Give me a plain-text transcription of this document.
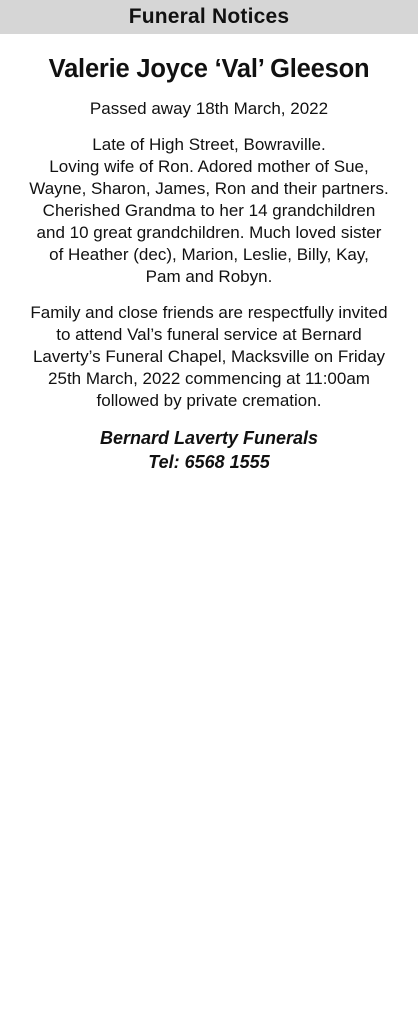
Funeral Notices
Valerie Joyce ‘Val’ Gleeson
Passed away 18th March, 2022
Late of High Street, Bowraville.
Loving wife of Ron. Adored mother of Sue,
Wayne, Sharon, James, Ron and their partners.
Cherished Grandma to her 14 grandchildren
and 10 great grandchildren. Much loved sister
of Heather (dec), Marion, Leslie, Billy, Kay,
Pam and Robyn.
Family and close friends are respectfully invited
to attend Val’s funeral service at Bernard
Laverty’s Funeral Chapel, Macksville on Friday
25th March, 2022 commencing at 11:00am
followed by private cremation.
Bernard Laverty Funerals
Tel: 6568 1555
